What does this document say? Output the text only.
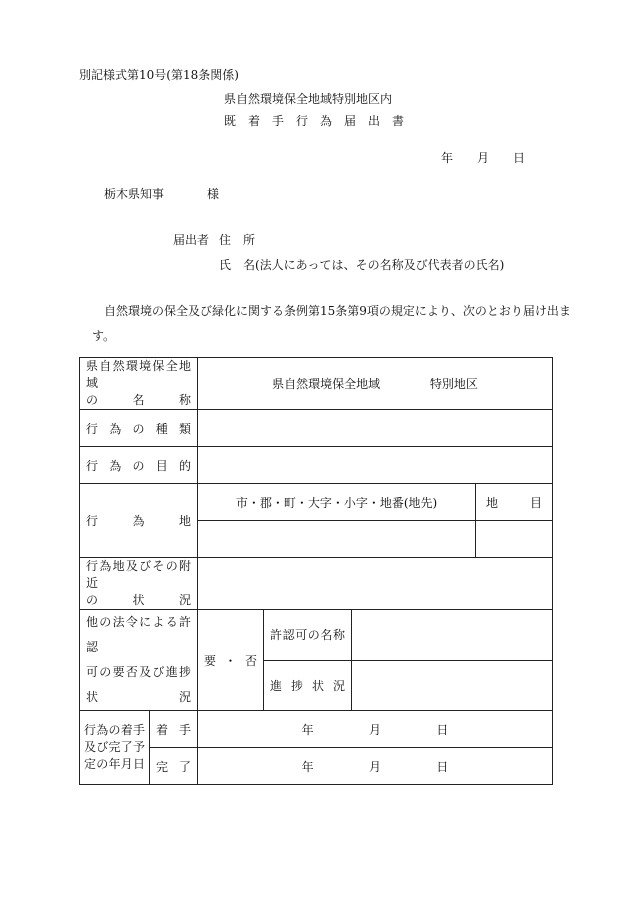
別記様式第10号(第18条関係)
県自然環境保全地域特別地区内
既　着　手　行　為　届　出　書
年　　月　　日
栃木県知事	様
届出者 住　所
氏　名(法人にあっては、その名称及び代表者の氏名)
自然環境の保全及び緑化に関する条例第15条第9項の規定により、次のとおり届け出ま
す。
県自然環境保全地域
の 名 称		県自然環境保全地域 特別地区			

行為の種類					

行為の目的					

行為地		市・郡・町・大字・小字・地番(地先)			地目

行為地及びその附近
の 状 況					

他の法令による許認
可の要否及び進捗
状 況		要・否	許認可の名称		

			進捗状況		

行為の着手
及び完了予
定の年月日	着手	年 月 日			

	完了	年 月 日			
